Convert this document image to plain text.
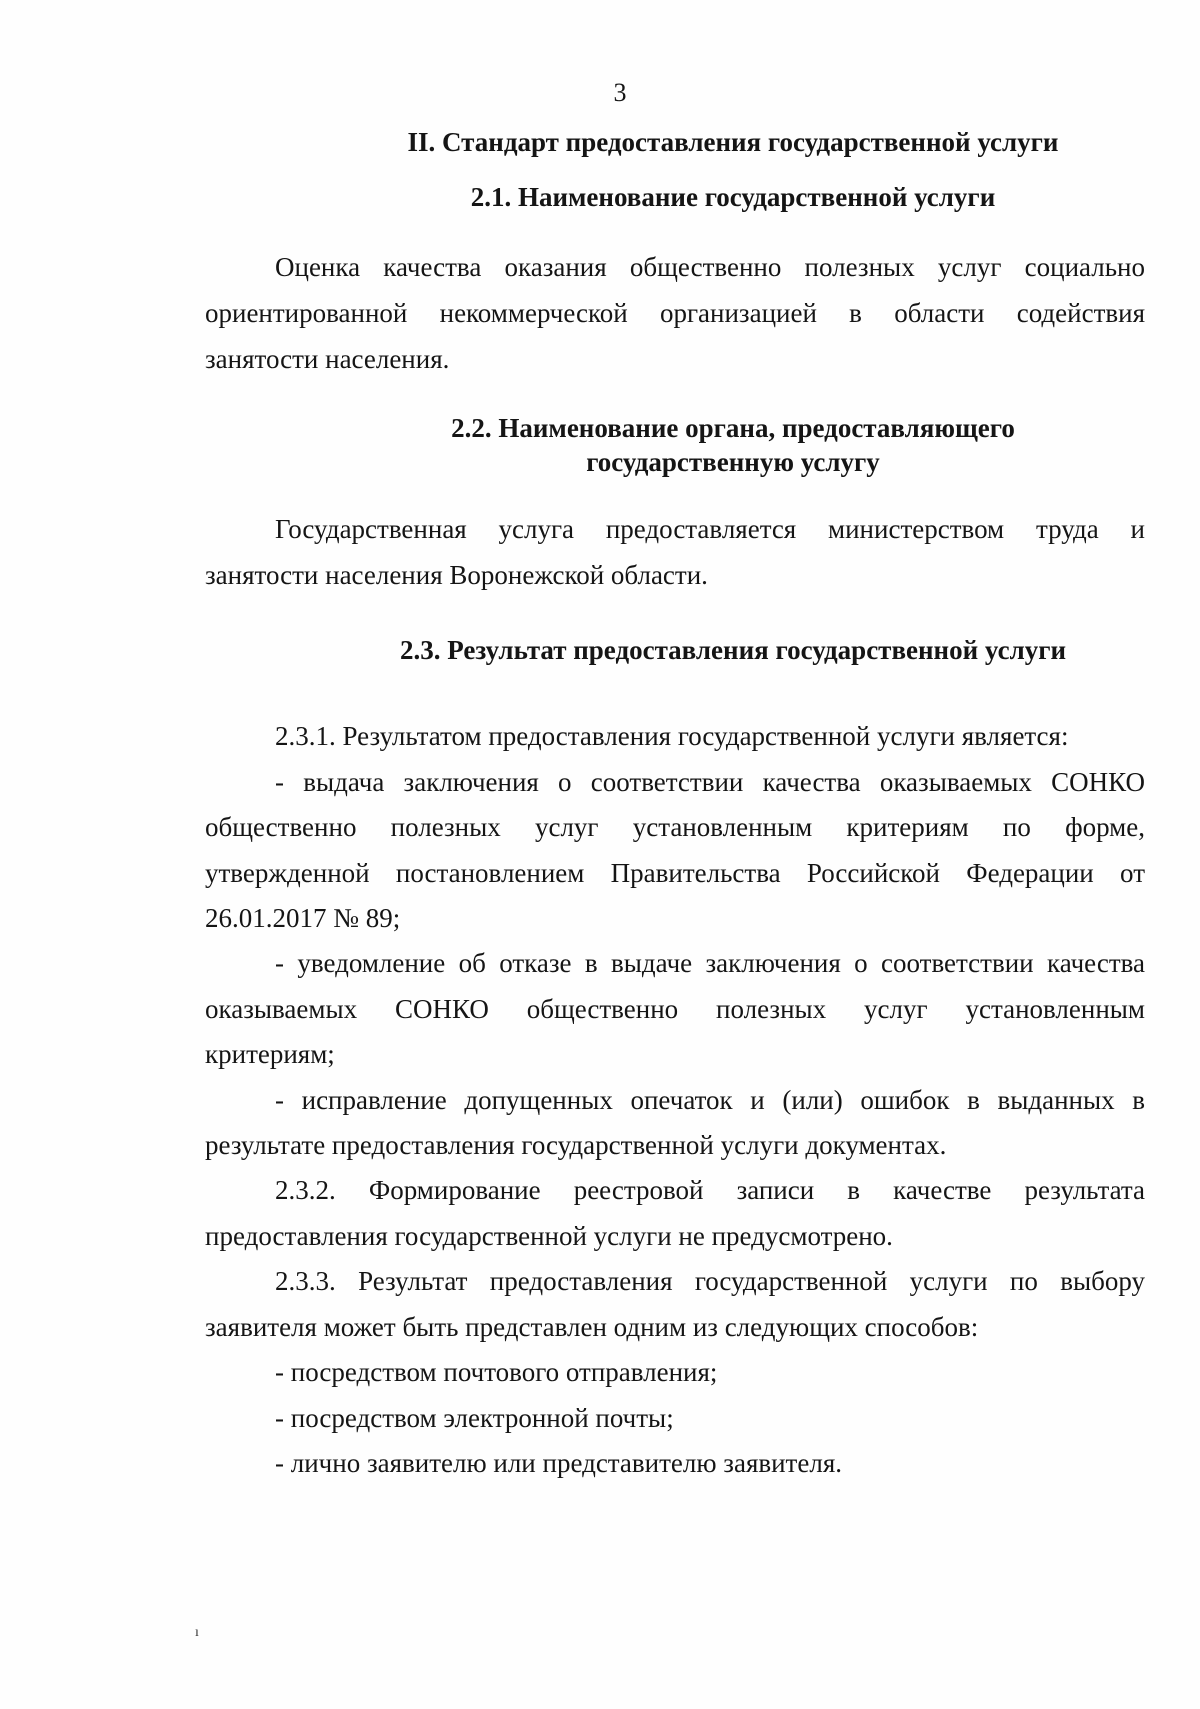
3
II. Стандарт предоставления государственной услуги
2.1. Наименование государственной услуги
Оценка качества оказания общественно полезных услуг социально
ориентированной некоммерческой организацией в области содействия
занятости населения.
2.2. Наименование органа, предоставляющего
государственную услугу
Государственная услуга предоставляется министерством труда и
занятости населения Воронежской области.
2.3. Результат предоставления государственной услуги
2.3.1. Результатом предоставления государственной услуги является:
- выдача заключения о соответствии качества оказываемых СОНКО
общественно полезных услуг установленным критериям по форме,
утвержденной постановлением Правительства Российской Федерации от
26.01.2017 № 89;
- уведомление об отказе в выдаче заключения о соответствии качества
оказываемых СОНКО общественно полезных услуг установленным
критериям;
- исправление допущенных опечаток и (или) ошибок в выданных в
результате предоставления государственной услуги документах.
2.3.2. Формирование реестровой записи в качестве результата
предоставления государственной услуги не предусмотрено.
2.3.3. Результат предоставления государственной услуги по выбору
заявителя может быть представлен одним из следующих способов:
- посредством почтового отправления;
- посредством электронной почты;
- лично заявителю или представителю заявителя.
ı
